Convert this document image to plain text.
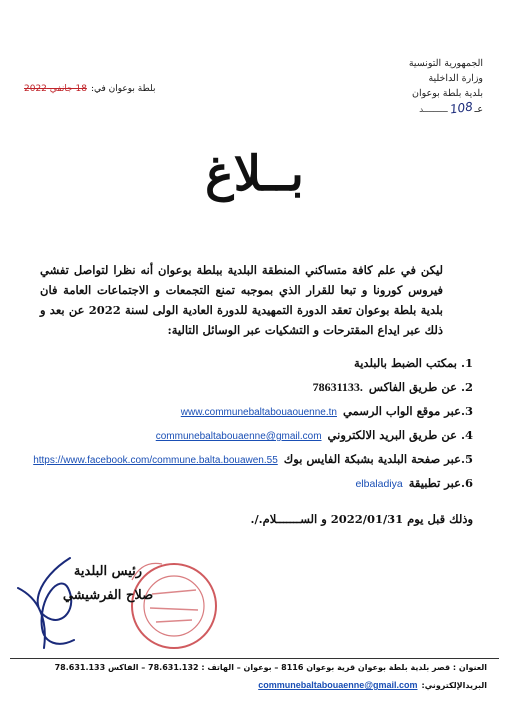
الجمهورية التونسية
وزارة الداخلية
بلدية بلطة بوعوان
عـ
108
ـــــد
بلطة بوعوان في:
18 جانفي 2022
بــلاغ

ليكن في علم كافة متساكني المنطقة البلدية ببلطة بوعوان أنه نظرا لتواصل تفشي فيروس كورونا و تبعا للقرار الذي بموجبه تمنع التجمعات و الاجتماعات العامة فان بلدية بلطة بوعوان تعقد الدورة التمهيدية للدورة العادية الولى لسنة 2022 عن بعد و ذلك عبر ايداع المقترحات و التشكيات عبر الوسائل التالية:

1. بمكتب الضبط بالبلدية
2. عن طريق الفاكس
78631133.
3.عبر موقع الواب الرسمي
www.communebaltabouaouenne.tn
4. عن طريق البريد الالكتروني
communebaltabouaenne@gmail.com
5.عبر صفحة البلدية بشبكة الفايس بوك
https://www.facebook.com/commune.balta.bouawen.55
6.عبر تطبيقة
elbaladiya
وذلك قبل يوم 2022/01/31 و الســـــــلام./.
رئيس البلدية
صلاح الفرشيشي
العنوان : قصر بلدية بلطة بوعوان قرية بوعوان 8116 – بوعوان – الهاتف : 78.631.132 – الفاكس 78.631.133
البريدالإلكتروني:
communebaltabouaenne@gmail.com
